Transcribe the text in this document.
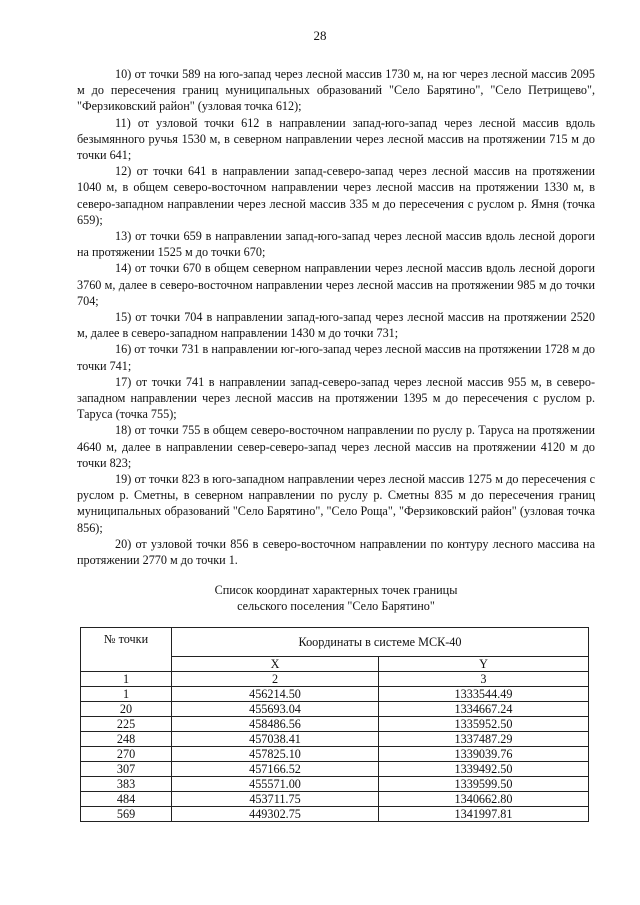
28

10) от точки 589 на юго-запад через лесной массив 1730 м, на юг через лесной массив 2095 м до пересечения границ муниципальных образований "Село Барятино", "Село Петрищево", "Ферзиковский район" (узловая точка 612);

11) от узловой точки 612 в направлении запад-юго-запад через лесной массив вдоль безымянного ручья 1530 м, в северном направлении через лесной массив на протяжении 715 м до точки 641;

12) от точки 641 в направлении запад-северо-запад через лесной массив на протяжении 1040 м, в общем северо-восточном направлении через лесной массив на протяжении 1330 м, в северо-западном направлении через лесной массив 335 м до пересечения с руслом р. Ямня (точка 659);

13) от точки 659 в направлении запад-юго-запад через лесной массив вдоль лесной дороги на протяжении 1525 м до точки 670;

14) от точки 670 в общем северном направлении через лесной массив вдоль лесной дороги 3760 м, далее в северо-восточном направлении через лесной массив на протяжении 985 м до точки 704;

15) от точки 704 в направлении запад-юго-запад через лесной массив на протяжении 2520 м, далее в северо-западном направлении 1430 м до точки 731;

16) от точки 731 в направлении юг-юго-запад через лесной массив на протяжении 1728 м до точки 741;

17) от точки 741 в направлении запад-северо-запад через лесной массив 955 м, в северо-западном направлении через лесной массив на протяжении 1395 м до пересечения с руслом р. Таруса (точка 755);

18) от точки 755 в общем северо-восточном направлении по руслу р. Таруса на протяжении 4640 м, далее в направлении север-северо-запад через лесной массив на протяжении 4120 м до точки 823;

19) от точки 823 в юго-западном направлении через лесной массив 1275 м до пересечения с руслом р. Сметны, в северном направлении по руслу р. Сметны 835 м до пересечения границ муниципальных образований "Село Барятино", "Село Роща", "Ферзиковский район" (узловая точка 856);

20) от узловой точки 856 в северо-восточном направлении по контуру лесного массива на протяжении 2770 м до точки 1.

Список координат характерных точек границы
сельского поселения "Село Барятино"
№ точки	Координаты в системе МСК-40	
	X	Y
1	2	3
1	456214.50	1333544.49
20	455693.04	1334667.24
225	458486.56	1335952.50
248	457038.41	1337487.29
270	457825.10	1339039.76
307	457166.52	1339492.50
383	455571.00	1339599.50
484	453711.75	1340662.80
569	449302.75	1341997.81
